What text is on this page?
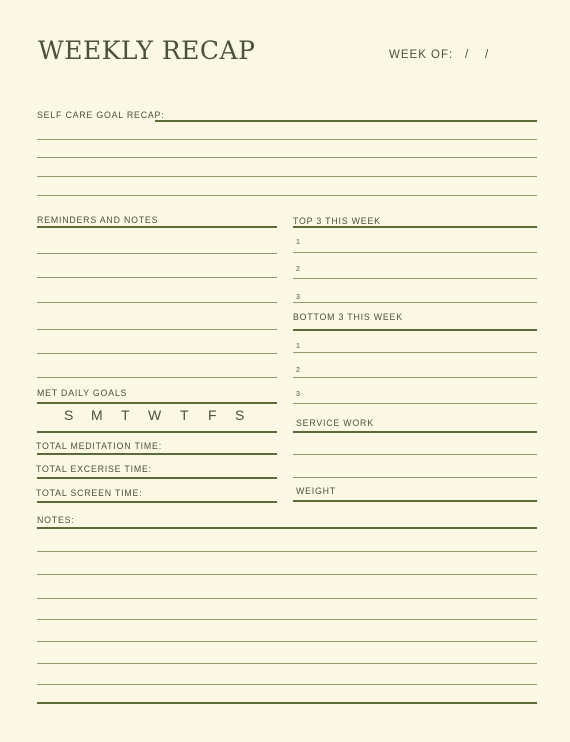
WEEKLY RECAP	WEEK OF: / /
SELF CARE GOAL RECAP:
REMINDERS AND NOTES	TOP 3 THIS WEEK
1
2
3
BOTTOM 3 THIS WEEK
1
2
3
MET DAILY GOALS
S M T W T F S	SERVICE WORK
TOTAL MEDITATION TIME:
TOTAL EXCERISE TIME:
TOTAL SCREEN TIME:	WEIGHT
NOTES:
